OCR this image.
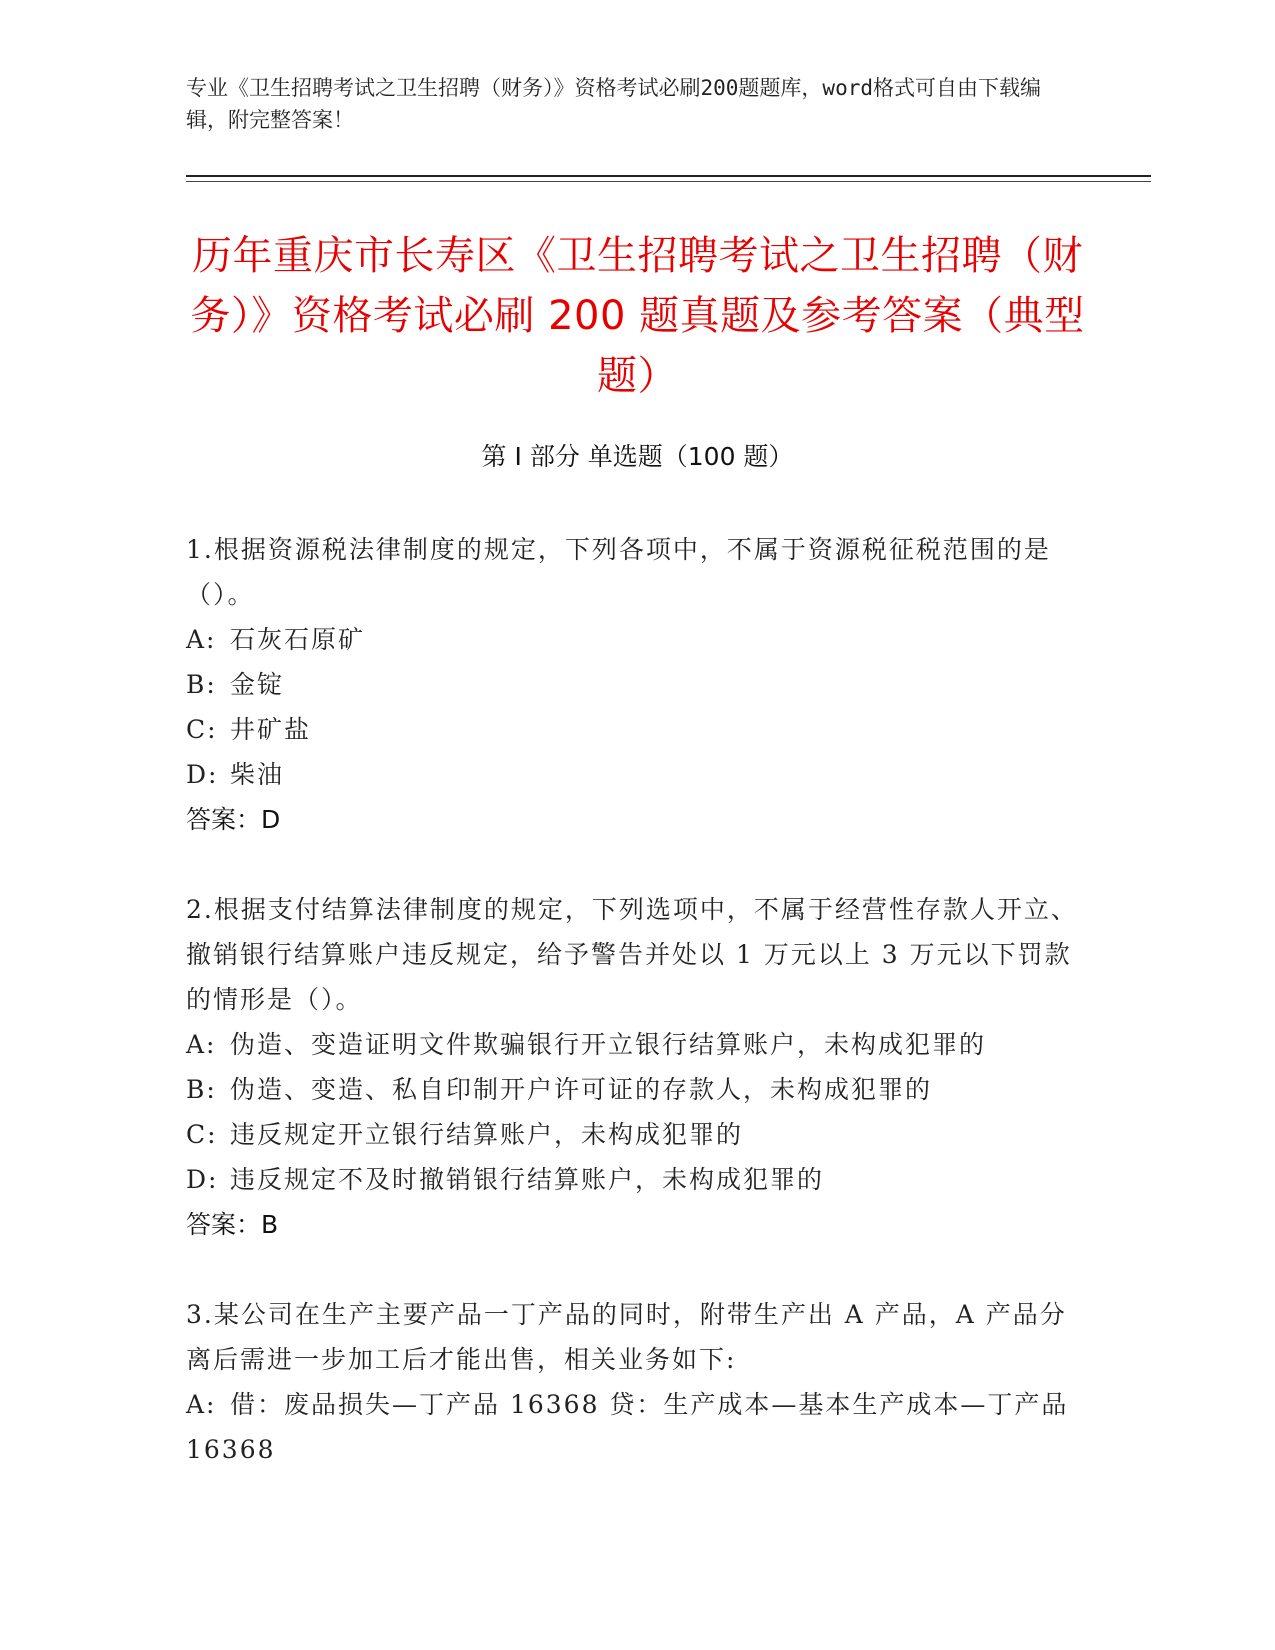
专业《卫生招聘考试之卫生招聘（财务）》资格考试必刷200题题库，word格式可自由下载编辑，附完整答案！
历年重庆市长寿区《卫生招聘考试之卫生招聘（财务）》资格考试必刷 200 题真题及参考答案（典型题）
第 I 部分 单选题（100 题）
1.根据资源税法律制度的规定，下列各项中，不属于资源税征税范围的是（）。
A: 石灰石原矿
B: 金锭
C: 井矿盐
D: 柴油
答案：D
2.根据支付结算法律制度的规定，下列选项中，不属于经营性存款人开立、撤销银行结算账户违反规定，给予警告并处以 1 万元以上 3 万元以下罚款的情形是（）。
A: 伪造、变造证明文件欺骗银行开立银行结算账户，未构成犯罪的
B: 伪造、变造、私自印制开户许可证的存款人，未构成犯罪的
C: 违反规定开立银行结算账户，未构成犯罪的
D: 违反规定不及时撤销银行结算账户，未构成犯罪的
答案：B
3.某公司在生产主要产品一丁产品的同时，附带生产出 A 产品，A 产品分离后需进一步加工后才能出售，相关业务如下:
A: 借：废品损失—丁产品 16368 贷：生产成本—基本生产成本—丁产品 16368
